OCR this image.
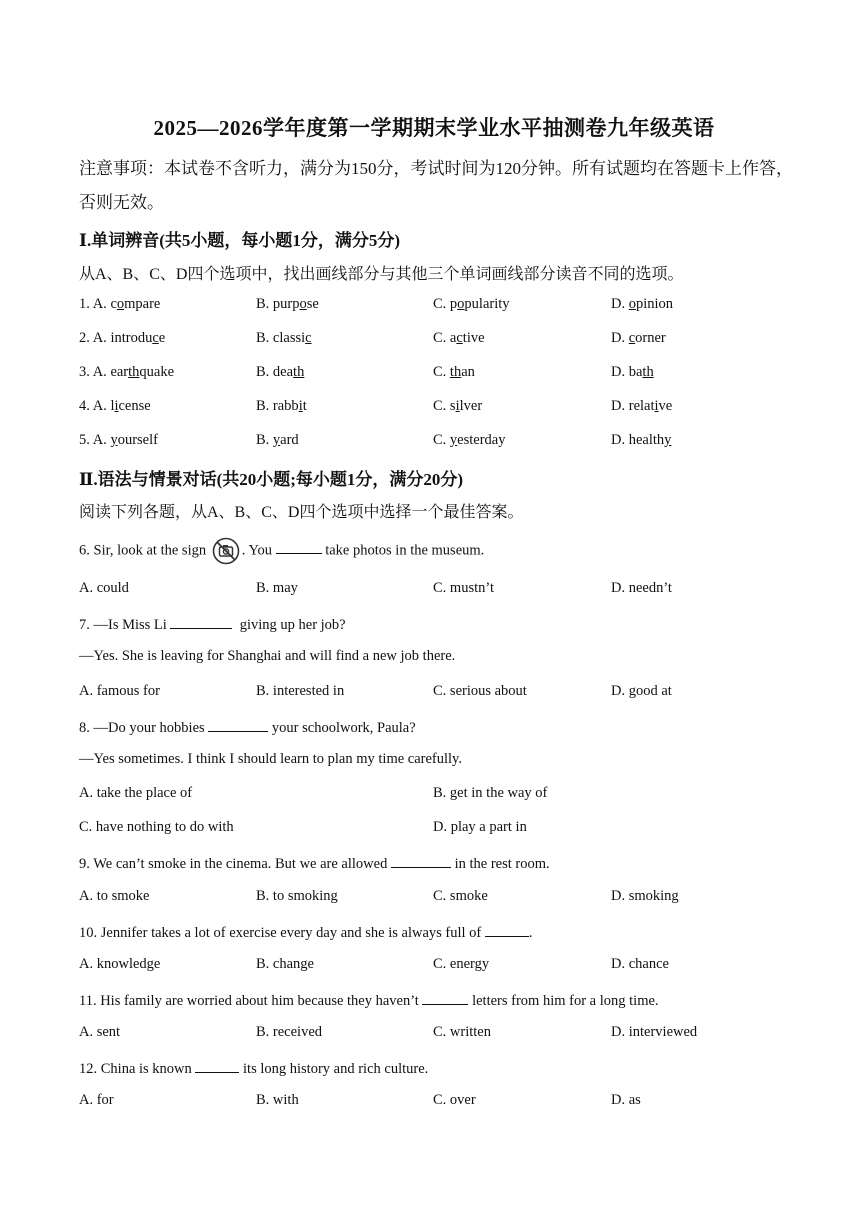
2025—2026学年度第一学期期末学业水平抽测卷九年级英语
注意事项：本试卷不含听力，满分为150分，考试时间为120分钟。所有试题均在答题卡上作答，否则无效。
Ⅰ.单词辨音(共5小题，每小题1分，满分5分)
从A、B、C、D四个选项中，找出画线部分与其他三个单词画线部分读音不同的选项。
1. A. compare	B. purpose	C. popularity	D. opinion
2. A. introduce	B. classic	C. active	D. corner
3. A. earthquake	B. death	C. than	D. bath
4. A. license	B. rabbit	C. silver	D. relative
5. A. yourself	B. yard	C. yesterday	D. healthy
Ⅱ.语法与情景对话(共20小题;每小题1分，满分20分)
阅读下列各题，从A、B、C、D四个选项中选择一个最佳答案。
6. Sir, look at the sign . You	take photos in the museum.
A. could	B. may	C. mustn’t	D. needn’t
7. —Is Miss Li	giving up her job?
—Yes. She is leaving for Shanghai and will find a new job there.
A. famous for	B. interested in	C. serious about	D. good at
8. —Do your hobbies	your schoolwork, Paula?
—Yes sometimes. I think I should learn to plan my time carefully.
A. take the place of	B. get in the way of
C. have nothing to do with	D. play a part in
9. We can’t smoke in the cinema. But we are allowed	in the rest room.
A. to smoke	B. to smoking	C. smoke	D. smoking
10. Jennifer takes a lot of exercise every day and she is always full of	.
A. knowledge	B. change	C. energy	D. chance
11. His family are worried about him because they haven’t	letters from him for a long time.
A. sent	B. received	C. written	D. interviewed
12. China is known	its long history and rich culture.
A. for	B. with	C. over	D. as
